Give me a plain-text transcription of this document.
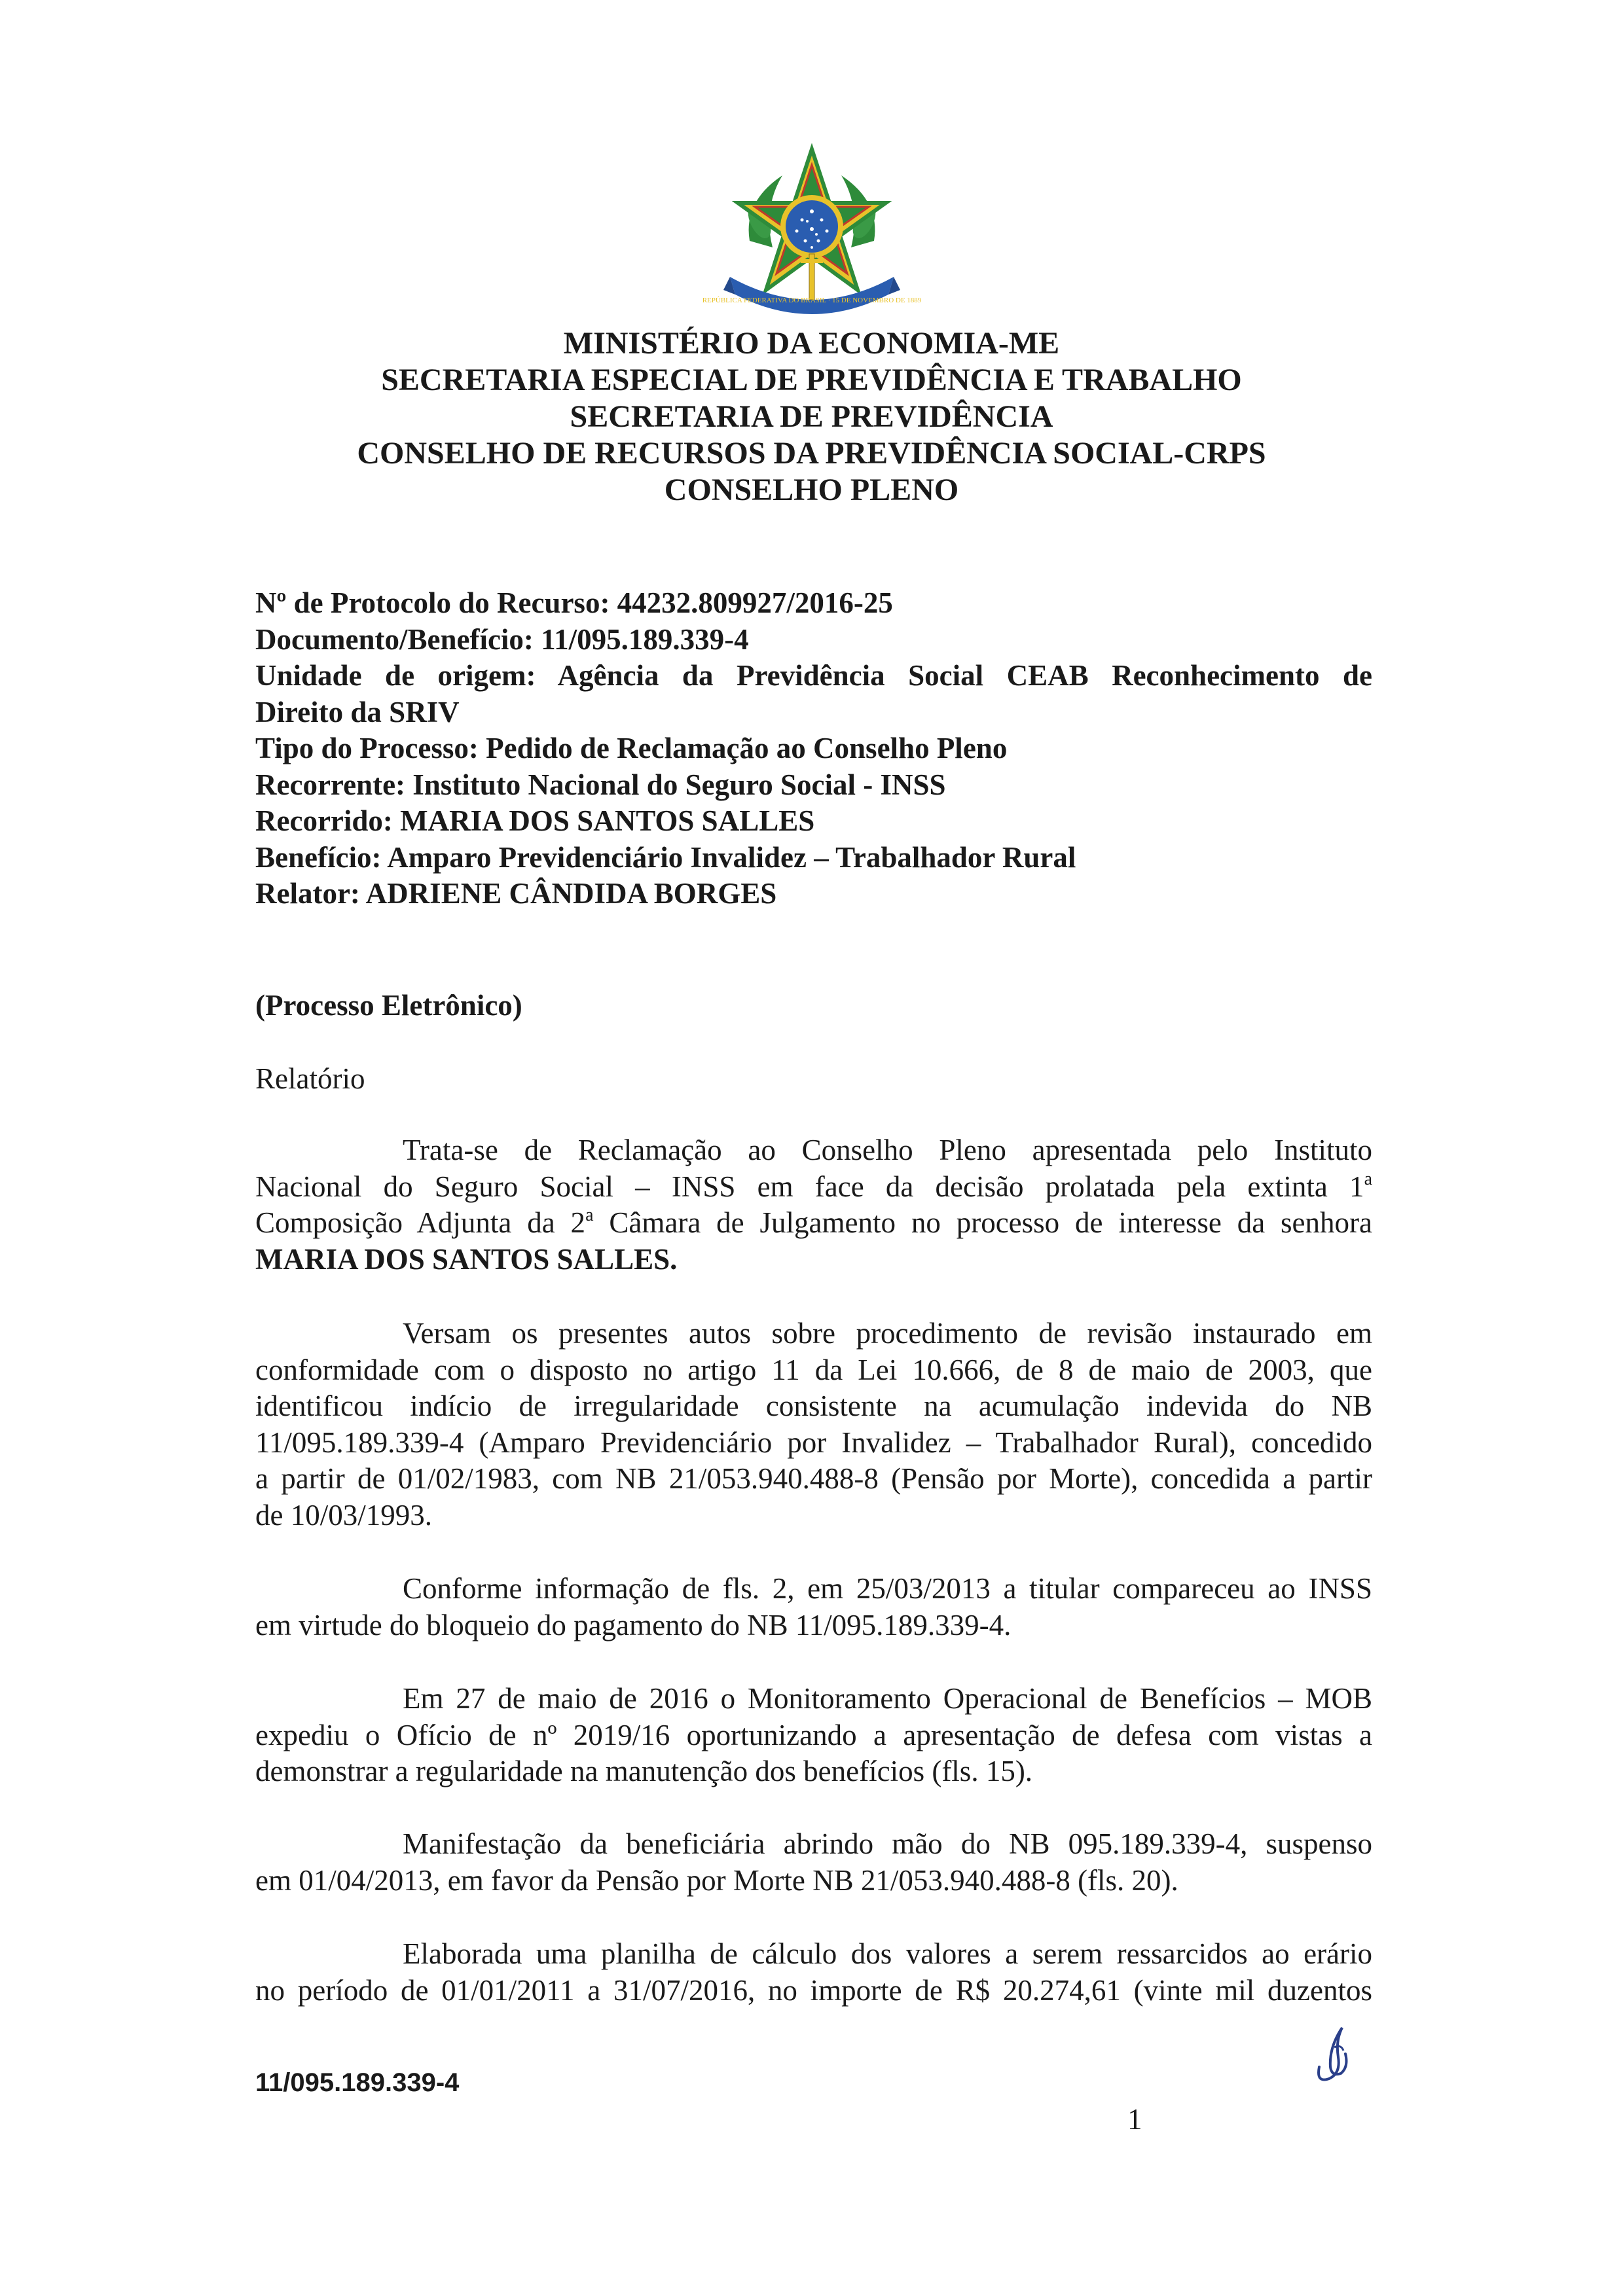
REPÚBLICA FEDERATIVA DO BRASIL · 15 DE NOVEMBRO DE 1889
MINISTÉRIO DA ECONOMIA-ME
SECRETARIA ESPECIAL DE PREVIDÊNCIA E TRABALHO
SECRETARIA DE PREVIDÊNCIA
CONSELHO DE RECURSOS DA PREVIDÊNCIA SOCIAL-CRPS
CONSELHO PLENO
Nº de Protocolo do Recurso: 44232.809927/2016-25
Documento/Benefício: 11/095.189.339-4
Unidade de origem: Agência da Previdência Social CEAB Reconhecimento de
Direito da SRIV
Tipo do Processo: Pedido de Reclamação ao Conselho Pleno
Recorrente: Instituto Nacional do Seguro Social - INSS
Recorrido: MARIA DOS SANTOS SALLES
Benefício: Amparo Previdenciário Invalidez – Trabalhador Rural
Relator: ADRIENE CÂNDIDA BORGES
(Processo Eletrônico)
Relatório
Trata-se de Reclamação ao Conselho Pleno apresentada pelo Instituto
Nacional do Seguro Social – INSS em face da decisão prolatada pela extinta 1$^a$
Composição Adjunta da 2$^a$ Câmara de Julgamento no processo de interesse da senhora
MARIA DOS SANTOS SALLES.
Versam os presentes autos sobre procedimento de revisão instaurado em
conformidade com o disposto no artigo 11 da Lei 10.666, de 8 de maio de 2003, que
identificou indício de irregularidade consistente na acumulação indevida do NB
11/095.189.339-4 (Amparo Previdenciário por Invalidez – Trabalhador Rural), concedido
a partir de 01/02/1983, com NB 21/053.940.488-8 (Pensão por Morte), concedida a partir
de 10/03/1993.
Conforme informação de fls. 2, em 25/03/2013 a titular compareceu ao INSS
em virtude do bloqueio do pagamento do NB 11/095.189.339-4.
Em 27 de maio de 2016 o Monitoramento Operacional de Benefícios – MOB
expediu o Ofício de nº 2019/16 oportunizando a apresentação de defesa com vistas a
demonstrar a regularidade na manutenção dos benefícios (fls. 15).
Manifestação da beneficiária abrindo mão do NB 095.189.339-4, suspenso
em 01/04/2013, em favor da Pensão por Morte NB 21/053.940.488-8 (fls. 20).
Elaborada uma planilha de cálculo dos valores a serem ressarcidos ao erário
no período de 01/01/2011 a 31/07/2016, no importe de R$ 20.274,61 (vinte mil duzentos
11/095.189.339-4
1
